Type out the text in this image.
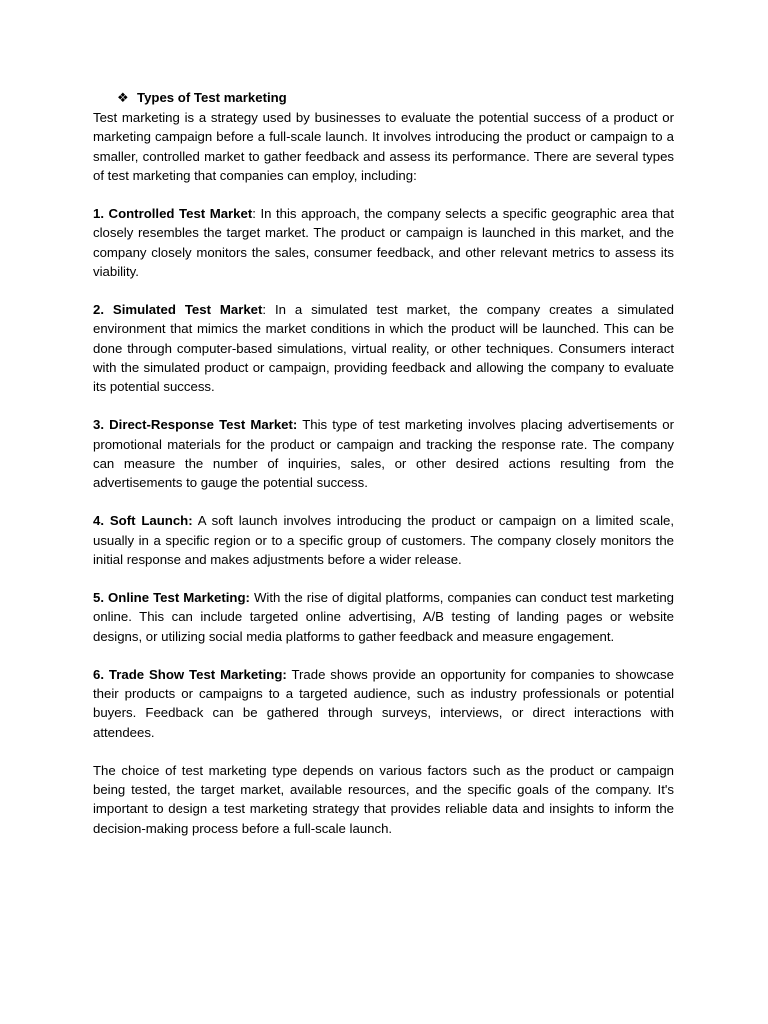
❖ Types of Test marketing

Test marketing is a strategy used by businesses to evaluate the potential success of a product or marketing campaign before a full-scale launch. It involves introducing the product or campaign to a smaller, controlled market to gather feedback and assess its performance. There are several types of test marketing that companies can employ, including:

1. Controlled Test Market: In this approach, the company selects a specific geographic area that closely resembles the target market. The product or campaign is launched in this market, and the company closely monitors the sales, consumer feedback, and other relevant metrics to assess its viability.

2. Simulated Test Market: In a simulated test market, the company creates a simulated environment that mimics the market conditions in which the product will be launched. This can be done through computer-based simulations, virtual reality, or other techniques. Consumers interact with the simulated product or campaign, providing feedback and allowing the company to evaluate its potential success.

3. Direct-Response Test Market: This type of test marketing involves placing advertisements or promotional materials for the product or campaign and tracking the response rate. The company can measure the number of inquiries, sales, or other desired actions resulting from the advertisements to gauge the potential success.

4. Soft Launch: A soft launch involves introducing the product or campaign on a limited scale, usually in a specific region or to a specific group of customers. The company closely monitors the initial response and makes adjustments before a wider release.

5. Online Test Marketing: With the rise of digital platforms, companies can conduct test marketing online. This can include targeted online advertising, A/B testing of landing pages or website designs, or utilizing social media platforms to gather feedback and measure engagement.

6. Trade Show Test Marketing: Trade shows provide an opportunity for companies to showcase their products or campaigns to a targeted audience, such as industry professionals or potential buyers. Feedback can be gathered through surveys, interviews, or direct interactions with attendees.

The choice of test marketing type depends on various factors such as the product or campaign being tested, the target market, available resources, and the specific goals of the company. It's important to design a test marketing strategy that provides reliable data and insights to inform the decision-making process before a full-scale launch.
